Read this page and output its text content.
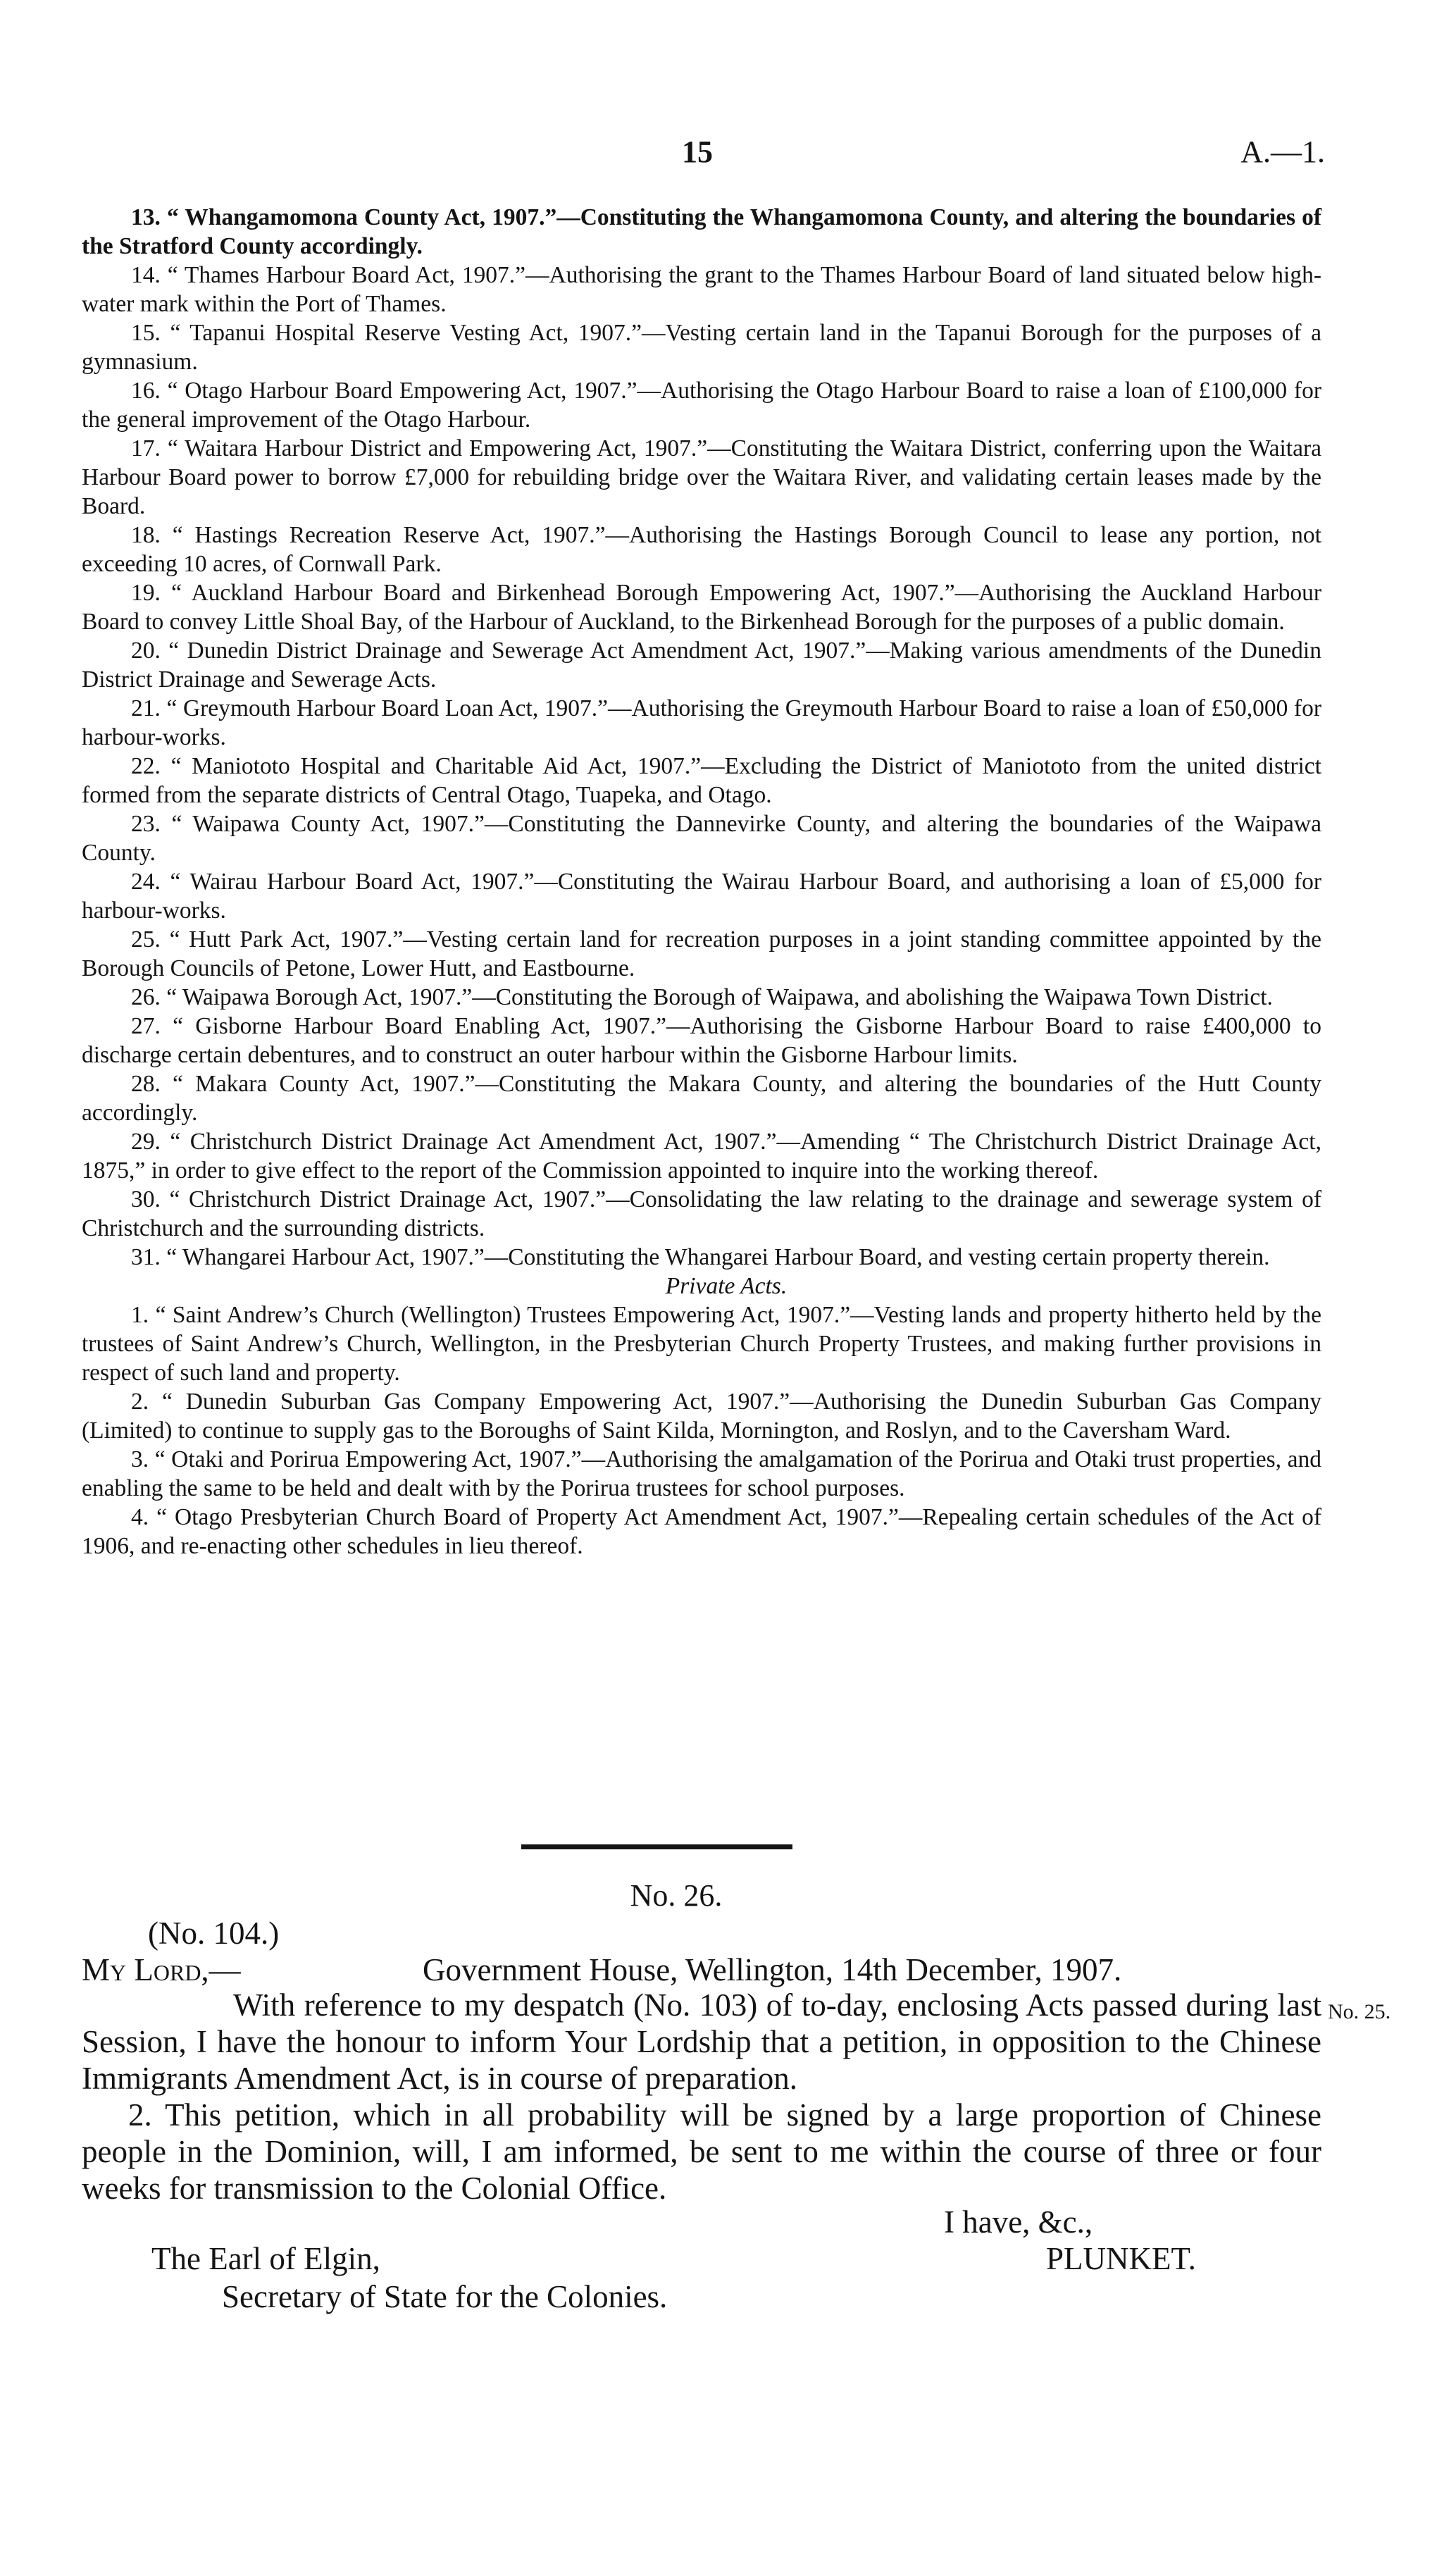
15	A.—1.

13. “ Whangamomona County Act, 1907.”—Constituting the Whangamomona County, and altering the boundaries of the Stratford County accordingly.

14. “ Thames Harbour Board Act, 1907.”—Authorising the grant to the Thames Harbour Board of land situated below high-water mark within the Port of Thames.

15. “ Tapanui Hospital Reserve Vesting Act, 1907.”—Vesting certain land in the Tapanui Borough for the purposes of a gymnasium.

16. “ Otago Harbour Board Empowering Act, 1907.”—Authorising the Otago Harbour Board to raise a loan of £100,000 for the general improvement of the Otago Harbour.

17. “ Waitara Harbour District and Empowering Act, 1907.”—Constituting the Waitara District, conferring upon the Waitara Harbour Board power to borrow £7,000 for rebuilding bridge over the Waitara River, and validating certain leases made by the Board.

18. “ Hastings Recreation Reserve Act, 1907.”—Authorising the Hastings Borough Council to lease any portion, not exceeding 10 acres, of Cornwall Park.

19. “ Auckland Harbour Board and Birkenhead Borough Empowering Act, 1907.”—Authorising the Auckland Harbour Board to convey Little Shoal Bay, of the Harbour of Auckland, to the Birkenhead Borough for the purposes of a public domain.

20. “ Dunedin District Drainage and Sewerage Act Amendment Act, 1907.”—Making various amendments of the Dunedin District Drainage and Sewerage Acts.

21. “ Greymouth Harbour Board Loan Act, 1907.”—Authorising the Greymouth Harbour Board to raise a loan of £50,000 for harbour-works.

22. “ Maniototo Hospital and Charitable Aid Act, 1907.”—Excluding the District of Maniototo from the united district formed from the separate districts of Central Otago, Tuapeka, and Otago.

23. “ Waipawa County Act, 1907.”—Constituting the Dannevirke County, and altering the boundaries of the Waipawa County.

24. “ Wairau Harbour Board Act, 1907.”—Constituting the Wairau Harbour Board, and authorising a loan of £5,000 for harbour-works.

25. “ Hutt Park Act, 1907.”—Vesting certain land for recreation purposes in a joint standing committee appointed by the Borough Councils of Petone, Lower Hutt, and Eastbourne.

26. “ Waipawa Borough Act, 1907.”—Constituting the Borough of Waipawa, and abolishing the Waipawa Town District.

27. “ Gisborne Harbour Board Enabling Act, 1907.”—Authorising the Gisborne Harbour Board to raise £400,000 to discharge certain debentures, and to construct an outer harbour within the Gisborne Harbour limits.

28. “ Makara County Act, 1907.”—Constituting the Makara County, and altering the boundaries of the Hutt County accordingly.

29. “ Christchurch District Drainage Act Amendment Act, 1907.”—Amending “ The Christchurch District Drainage Act, 1875,” in order to give effect to the report of the Commission appointed to inquire into the working thereof.

30. “ Christchurch District Drainage Act, 1907.”—Consolidating the law relating to the drainage and sewerage system of Christchurch and the surrounding districts.

31. “ Whangarei Harbour Act, 1907.”—Constituting the Whangarei Harbour Board, and vesting certain property therein.

Private Acts.

1. “ Saint Andrew’s Church (Wellington) Trustees Empowering Act, 1907.”—Vesting lands and property hitherto held by the trustees of Saint Andrew’s Church, Wellington, in the Presbyterian Church Property Trustees, and making further provisions in respect of such land and property.

2. “ Dunedin Suburban Gas Company Empowering Act, 1907.”—Authorising the Dunedin Suburban Gas Company (Limited) to continue to supply gas to the Boroughs of Saint Kilda, Mornington, and Roslyn, and to the Caversham Ward.

3. “ Otaki and Porirua Empowering Act, 1907.”—Authorising the amalgamation of the Porirua and Otaki trust properties, and enabling the same to be held and dealt with by the Porirua trustees for school purposes.

4. “ Otago Presbyterian Church Board of Property Act Amendment Act, 1907.”—Repealing certain schedules of the Act of 1906, and re-enacting other schedules in lieu thereof.

No. 26.
(No. 104.)
My Lord,—	Government House, Wellington, 14th December, 1907.

With reference to my despatch (No. 103) of to-day, enclosing Acts passed during last Session, I have the honour to inform Your Lordship that a petition, in opposition to the Chinese Immigrants Amendment Act, is in course of preparation.

2. This petition, which in all probability will be signed by a large proportion of Chinese people in the Dominion, will, I am informed, be sent to me within the course of three or four weeks for transmission to the Colonial Office.

No. 25.
I have, &c.,
PLUNKET.
The Earl of Elgin,
Secretary of State for the Colonies.
